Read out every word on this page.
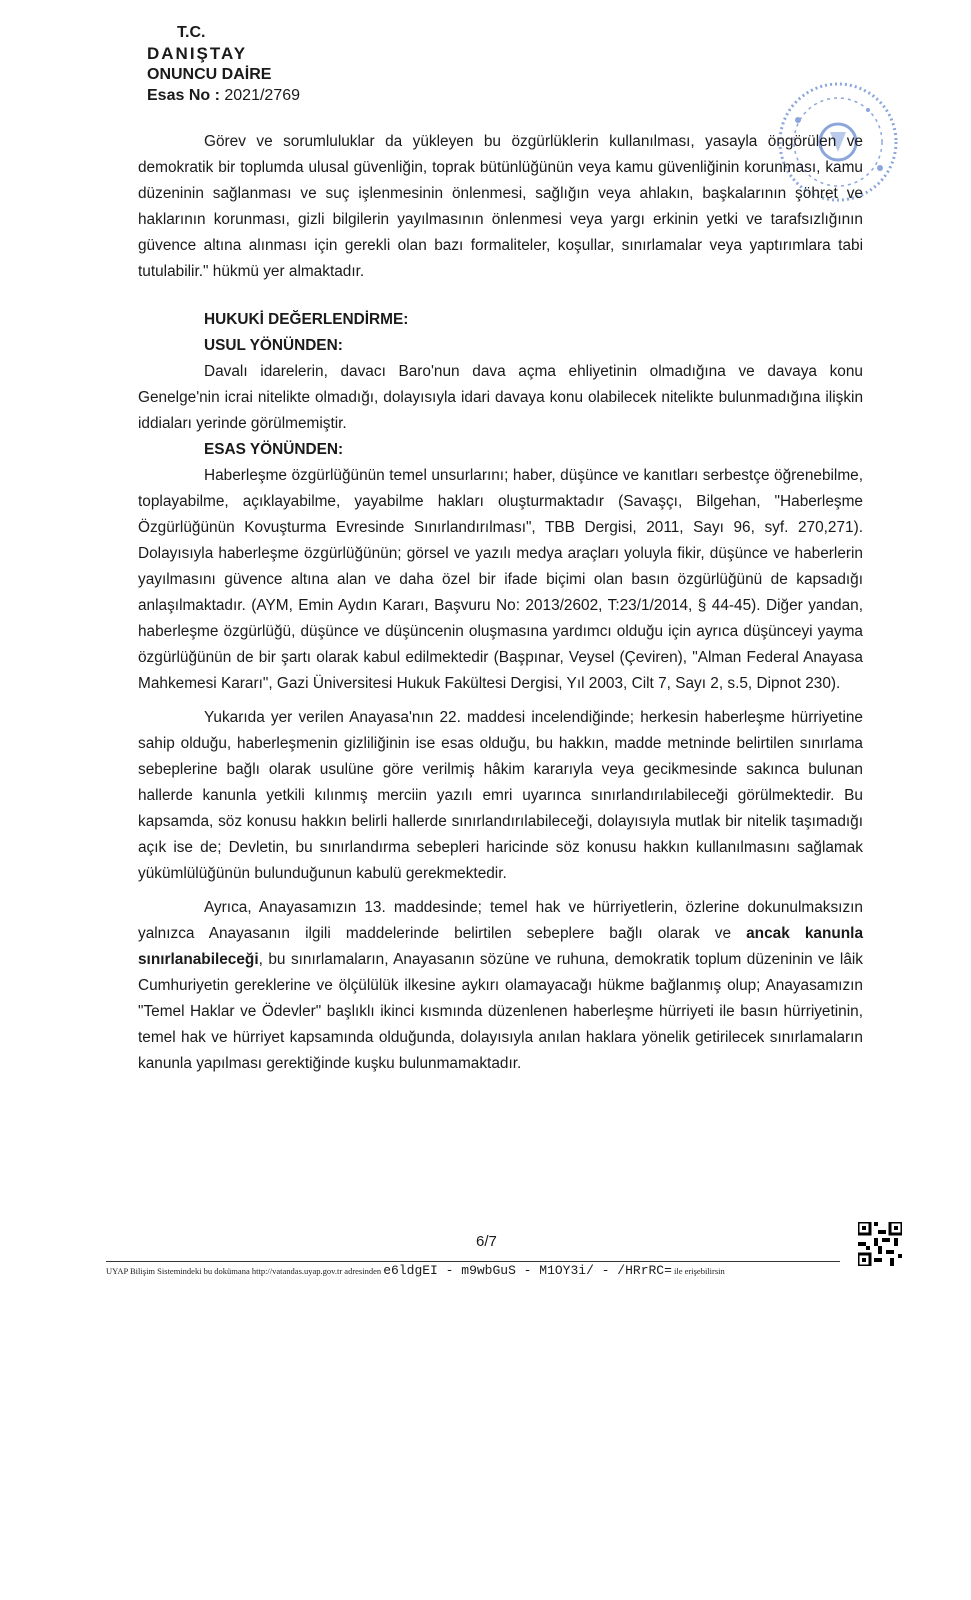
T.C.
DANIŞTAY
ONUNCU DAİRE
Esas No : 2021/2769

Görev ve sorumluluklar da yükleyen bu özgürlüklerin kullanılması, yasayla öngörülen ve demokratik bir toplumda ulusal güvenliğin, toprak bütünlüğünün veya kamu güvenliğinin korunması, kamu düzeninin sağlanması ve suç işlenmesinin önlenmesi, sağlığın veya ahlakın, başkalarının şöhret ve haklarının korunması, gizli bilgilerin yayılmasının önlenmesi veya yargı erkinin yetki ve tarafsızlığının güvence altına alınması için gerekli olan bazı formaliteler, koşullar, sınırlamalar veya yaptırımlara tabi tutulabilir." hükmü yer almaktadır.

HUKUKİ DEĞERLENDİRME:

USUL YÖNÜNDEN:

Davalı idarelerin, davacı Baro'nun dava açma ehliyetinin olmadığına ve davaya konu Genelge'nin icrai nitelikte olmadığı, dolayısıyla idari davaya konu olabilecek nitelikte bulunmadığına ilişkin iddiaları yerinde görülmemiştir.

ESAS YÖNÜNDEN:

Haberleşme özgürlüğünün temel unsurlarını; haber, düşünce ve kanıtları serbestçe öğrenebilme, toplayabilme, açıklayabilme, yayabilme hakları oluşturmaktadır (Savaşçı, Bilgehan, "Haberleşme Özgürlüğünün Kovuşturma Evresinde Sınırlandırılması", TBB Dergisi, 2011, Sayı 96, syf. 270,271). Dolayısıyla haberleşme özgürlüğünün; görsel ve yazılı medya araçları yoluyla fikir, düşünce ve haberlerin yayılmasını güvence altına alan ve daha özel bir ifade biçimi olan basın özgürlüğünü de kapsadığı anlaşılmaktadır. (AYM, Emin Aydın Kararı, Başvuru No: 2013/2602, T:23/1/2014, § 44-45). Diğer yandan, haberleşme özgürlüğü, düşünce ve düşüncenin oluşmasına yardımcı olduğu için ayrıca düşünceyi yayma özgürlüğünün de bir şartı olarak kabul edilmektedir (Başpınar, Veysel (Çeviren), "Alman Federal Anayasa Mahkemesi Kararı", Gazi Üniversitesi Hukuk Fakültesi Dergisi, Yıl 2003, Cilt 7, Sayı 2, s.5, Dipnot 230).

Yukarıda yer verilen Anayasa'nın 22. maddesi incelendiğinde; herkesin haberleşme hürriyetine sahip olduğu, haberleşmenin gizliliğinin ise esas olduğu, bu hakkın, madde metninde belirtilen sınırlama sebeplerine bağlı olarak usulüne göre verilmiş hâkim kararıyla veya gecikmesinde sakınca bulunan hallerde kanunla yetkili kılınmış merciin yazılı emri uyarınca sınırlandırılabileceği görülmektedir. Bu kapsamda, söz konusu hakkın belirli hallerde sınırlandırılabileceği, dolayısıyla mutlak bir nitelik taşımadığı açık ise de; Devletin, bu sınırlandırma sebepleri haricinde söz konusu hakkın kullanılmasını sağlamak yükümlülüğünün bulunduğunun kabulü gerekmektedir.

Ayrıca, Anayasamızın 13. maddesinde; temel hak ve hürriyetlerin, özlerine dokunulmaksızın yalnızca Anayasanın ilgili maddelerinde belirtilen sebeplere bağlı olarak ve ancak kanunla sınırlanabileceği, bu sınırlamaların, Anayasanın sözüne ve ruhuna, demokratik toplum düzeninin ve lâik Cumhuriyetin gereklerine ve ölçülülük ilkesine aykırı olamayacağı hükme bağlanmış olup; Anayasamızın "Temel Haklar ve Ödevler" başlıklı ikinci kısmında düzenlenen haberleşme hürriyeti ile basın hürriyetinin, temel hak ve hürriyet kapsamında olduğunda, dolayısıyla anılan haklara yönelik getirilecek sınırlamaların kanunla yapılması gerektiğinde kuşku bulunmamaktadır.

6/7
UYAP Bilişim Sistemindeki bu dokümana http://vatandas.uyap.gov.tr adresinden e6ldgEI - m9wbGuS - M1OY3i/ - /HRrRC= ile erişebilirsin
